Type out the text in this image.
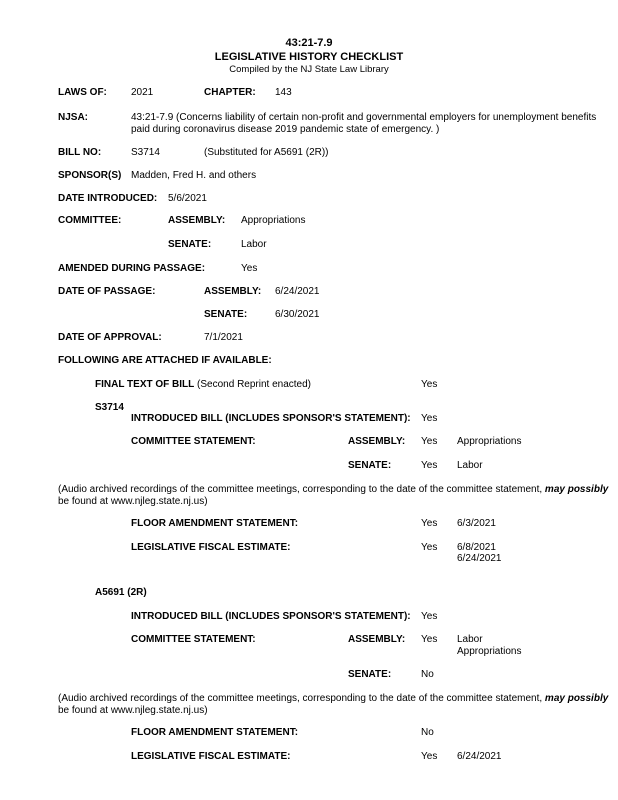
43:21-7.9
LEGISLATIVE HISTORY CHECKLIST
Compiled by the NJ State Law Library
LAWS OF: 2021	CHAPTER: 143
NJSA:	43:21-7.9 (Concerns liability of certain non-profit and governmental employers for unemployment benefits
paid during coronavirus disease 2019 pandemic state of emergency. )
BILL NO:	S3714	(Substituted for A5691 (2R))
SPONSOR(S) Madden, Fred H. and others
DATE INTRODUCED: 5/6/2021
COMMITTEE:	ASSEMBLY: Appropriations
SENATE:	Labor
AMENDED DURING PASSAGE:	Yes
DATE OF PASSAGE:	ASSEMBLY: 6/24/2021
SENATE:	6/30/2021
DATE OF APPROVAL:	7/1/2021
FOLLOWING ARE ATTACHED IF AVAILABLE:
FINAL TEXT OF BILL (Second Reprint enacted)	Yes
S3714
INTRODUCED BILL (INCLUDES SPONSOR'S STATEMENT): Yes
COMMITTEE STATEMENT:	ASSEMBLY: Yes Appropriations
SENATE:	Yes Labor
(Audio archived recordings of the committee meetings, corresponding to the date of the committee statement, may possibly
be found at www.njleg.state.nj.us)
FLOOR AMENDMENT STATEMENT:	Yes 6/3/2021
LEGISLATIVE FISCAL ESTIMATE:	Yes 6/8/2021
6/24/2021
A5691 (2R)
INTRODUCED BILL (INCLUDES SPONSOR'S STATEMENT): Yes
COMMITTEE STATEMENT:	ASSEMBLY: Yes Labor
Appropriations
SENATE:	No
(Audio archived recordings of the committee meetings, corresponding to the date of the committee statement, may possibly
be found at www.njleg.state.nj.us)
FLOOR AMENDMENT STATEMENT:	No
LEGISLATIVE FISCAL ESTIMATE:	Yes 6/24/2021
